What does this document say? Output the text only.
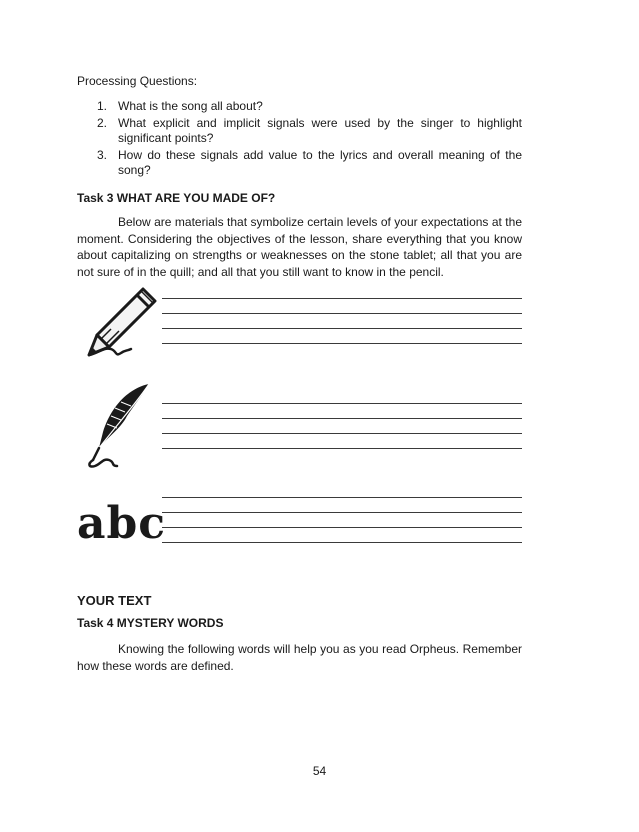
Processing Questions:
1. What is the song all about?
2. What explicit and implicit signals were used by the singer to highlight significant points?
3. How do these signals add value to the lyrics and overall meaning of the song?
Task 3 WHAT ARE YOU MADE OF?

Below are materials that symbolize certain levels of your expectations at the moment. Considering the objectives of the lesson, share everything that you know about capitalizing on strengths or weaknesses on the stone tablet; all that you are not sure of in the quill; and all that you still want to know in the pencil.

abc
YOUR TEXT
Task 4 MYSTERY WORDS

Knowing the following words will help you as you read Orpheus. Remember how these words are defined.

54
